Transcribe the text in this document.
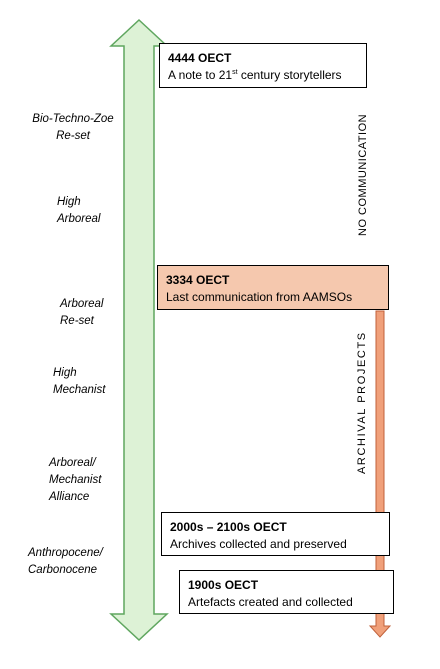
Bio-Techno-Zoe
Re-set
High
Arboreal
Arboreal
Re-set
High
Mechanist
Arboreal/
Mechanist
Alliance
Anthropocene/
Carbonocene
4444 OECT
A note to 21st century storytellers
3334 OECT
Last communication from AAMSOs
2000s – 2100s OECT
Archives collected and preserved
1900s OECT
Artefacts created and collected
NO COMMUNICATION
ARCHIVAL PROJECTS
